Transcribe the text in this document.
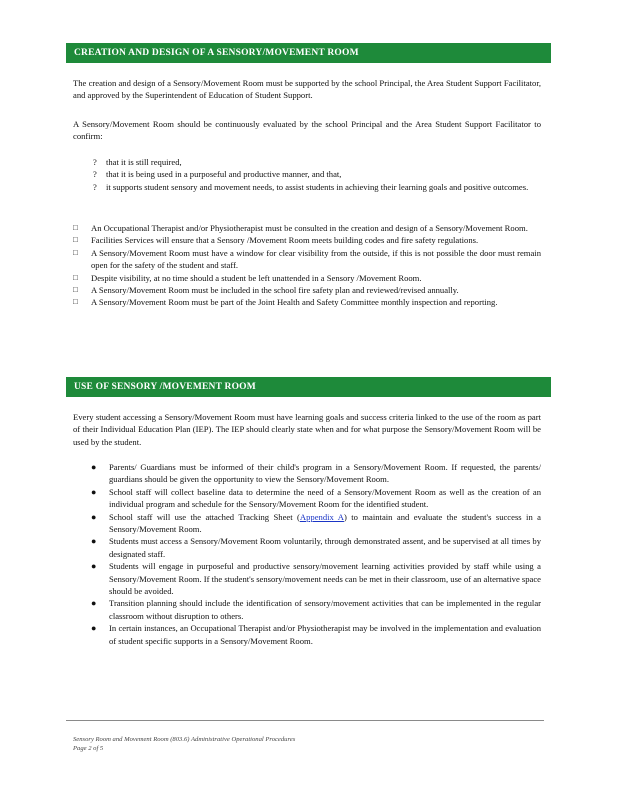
CREATION AND DESIGN OF A SENSORY/MOVEMENT ROOM
The creation and design of a Sensory/Movement Room must be supported by the school Principal, the Area Student Support Facilitator, and approved by the Superintendent of Education of Student Support.
A Sensory/Movement Room should be continuously evaluated by the school Principal and the Area Student Support Facilitator to confirm:
? that it is still required,
? that it is being used in a purposeful and productive manner, and that,
? it supports student sensory and movement needs, to assist students in achieving their learning goals and positive outcomes.
□ An Occupational Therapist and/or Physiotherapist must be consulted in the creation and design of a Sensory/Movement Room.
□ Facilities Services will ensure that a Sensory /Movement Room meets building codes and fire safety regulations.
□ A Sensory/Movement Room must have a window for clear visibility from the outside, if this is not possible the door must remain open for the safety of the student and staff.
□ Despite visibility, at no time should a student be left unattended in a Sensory /Movement Room.
□ A Sensory/Movement Room must be included in the school fire safety plan and reviewed/revised annually.
□ A Sensory/Movement Room must be part of the Joint Health and Safety Committee monthly inspection and reporting.
USE OF SENSORY /MOVEMENT ROOM
Every student accessing a Sensory/Movement Room must have learning goals and success criteria linked to the use of the room as part of their Individual Education Plan (IEP). The IEP should clearly state when and for what purpose the Sensory/Movement Room will be used by the student.
● Parents/ Guardians must be informed of their child's program in a Sensory/Movement Room. If requested, the parents/ guardians should be given the opportunity to view the Sensory/Movement Room.
● School staff will collect baseline data to determine the need of a Sensory/Movement Room as well as the creation of an individual program and schedule for the Sensory/Movement Room for the identified student.
● School staff will use the attached Tracking Sheet (Appendix A) to maintain and evaluate the student's success in a Sensory/Movement Room.
● Students must access a Sensory/Movement Room voluntarily, through demonstrated assent, and be supervised at all times by designated staff.
● Students will engage in purposeful and productive sensory/movement learning activities provided by staff while using a Sensory/Movement Room. If the student's sensory/movement needs can be met in their classroom, use of an alternative space should be avoided.
● Transition planning should include the identification of sensory/movement activities that can be implemented in the regular classroom without disruption to others.
● In certain instances, an Occupational Therapist and/or Physiotherapist may be involved in the implementation and evaluation of student specific supports in a Sensory/Movement Room.
Sensory Room and Movement Room (803.6) Administrative Operational Procedures
Page 2 of 5
